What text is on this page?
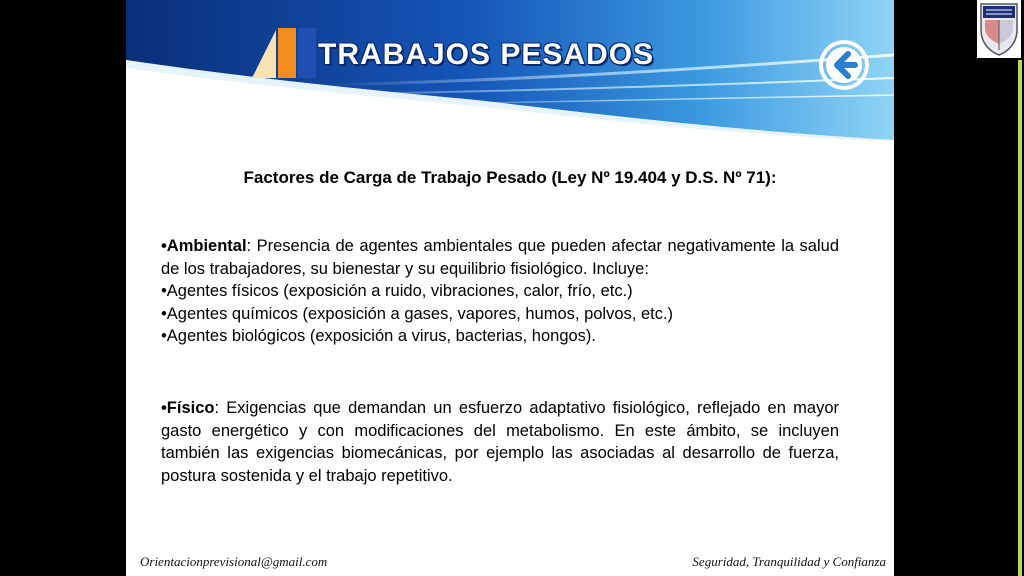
TRABAJOS PESADOS
Factores de Carga de Trabajo Pesado (Ley Nº 19.404 y D.S. Nº 71):
•Ambiental: Presencia de agentes ambientales que pueden afectar negativamente la salud de los trabajadores, su bienestar y su equilibrio fisiológico. Incluye:
•Agentes físicos (exposición a ruido, vibraciones, calor, frío, etc.)
•Agentes químicos (exposición a gases, vapores, humos, polvos, etc.)
•Agentes biológicos (exposición a virus, bacterias, hongos).
•Físico: Exigencias que demandan un esfuerzo adaptativo fisiológico, reflejado en mayor gasto energético y con modificaciones del metabolismo. En este ámbito, se incluyen también las exigencias biomecánicas, por ejemplo las asociadas al desarrollo de fuerza, postura sostenida y el trabajo repetitivo.
Orientacionprevisional@gmail.com	Seguridad, Tranquilidad y Confianza
